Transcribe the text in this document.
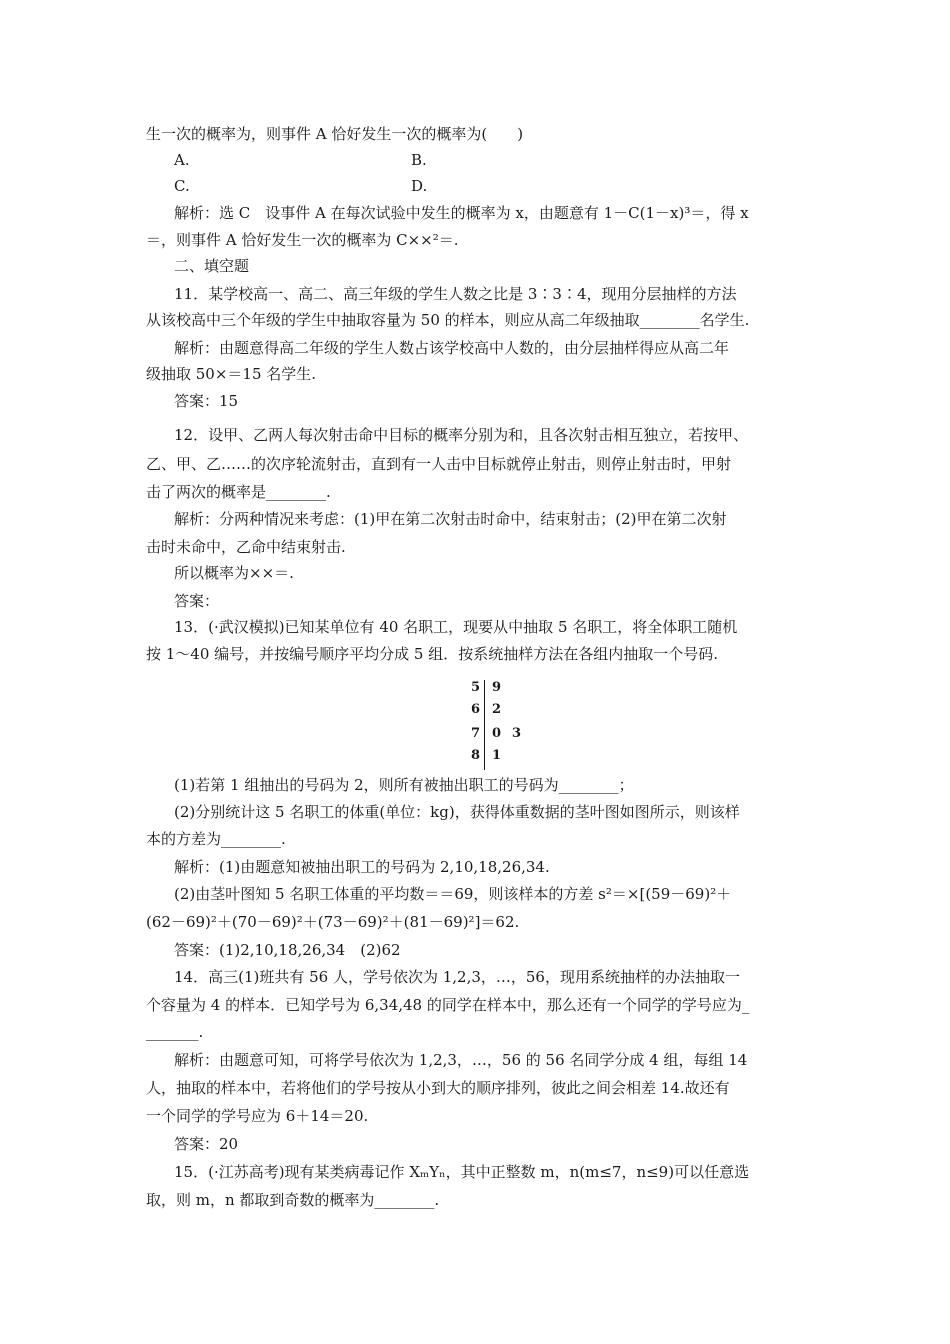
生一次的概率为，则事件 A 恰好发生一次的概率为(　　)
A.	B.
C.	D.
解析：选 C　设事件 A 在每次试验中发生的概率为 x，由题意有 1－C(1－x)³＝，得 x
＝，则事件 A 恰好发生一次的概率为 C××²＝.
二、填空题
11．某学校高一、高二、高三年级的学生人数之比是 3∶3∶4，现用分层抽样的方法
从该校高中三个年级的学生中抽取容量为 50 的样本，则应从高二年级抽取________名学生.
解析：由题意得高二年级的学生人数占该学校高中人数的，由分层抽样得应从高二年
级抽取 50×＝15 名学生.
答案：15
12．设甲、乙两人每次射击命中目标的概率分别为和，且各次射击相互独立，若按甲、
乙、甲、乙……的次序轮流射击，直到有一人击中目标就停止射击，则停止射击时，甲射
击了两次的概率是________.
解析：分两种情况来考虑：(1)甲在第二次射击时命中，结束射击；(2)甲在第二次射
击时未命中，乙命中结束射击.
所以概率为××＝.
答案：
13．(·武汉模拟)已知某单位有 40 名职工，现要从中抽取 5 名职工，将全体职工随机
按 1～40 编号，并按编号顺序平均分成 5 组．按系统抽样方法在各组内抽取一个号码.
5 9
6 2
7 0 3
8 1
(1)若第 1 组抽出的号码为 2，则所有被抽出职工的号码为________；
(2)分别统计这 5 名职工的体重(单位：kg)，获得体重数据的茎叶图如图所示，则该样
本的方差为________.
解析：(1)由题意知被抽出职工的号码为 2,10,18,26,34.
(2)由茎叶图知 5 名职工体重的平均数＝＝69，则该样本的方差 s²＝×[(59－69)²＋
(62－69)²＋(70－69)²＋(73－69)²＋(81－69)²]＝62.
答案：(1)2,10,18,26,34　(2)62
14．高三(1)班共有 56 人，学号依次为 1,2,3，…，56，现用系统抽样的办法抽取一
个容量为 4 的样本．已知学号为 6,34,48 的同学在样本中，那么还有一个同学的学号应为_
_______.
解析：由题意可知，可将学号依次为 1,2,3，…，56 的 56 名同学分成 4 组，每组 14
人，抽取的样本中，若将他们的学号按从小到大的顺序排列，彼此之间会相差 14.故还有
一个同学的学号应为 6＋14＝20.
答案：20
15．(·江苏高考)现有某类病毒记作 XₘYₙ，其中正整数 m，n(m≤7，n≤9)可以任意选
取，则 m，n 都取到奇数的概率为________.
